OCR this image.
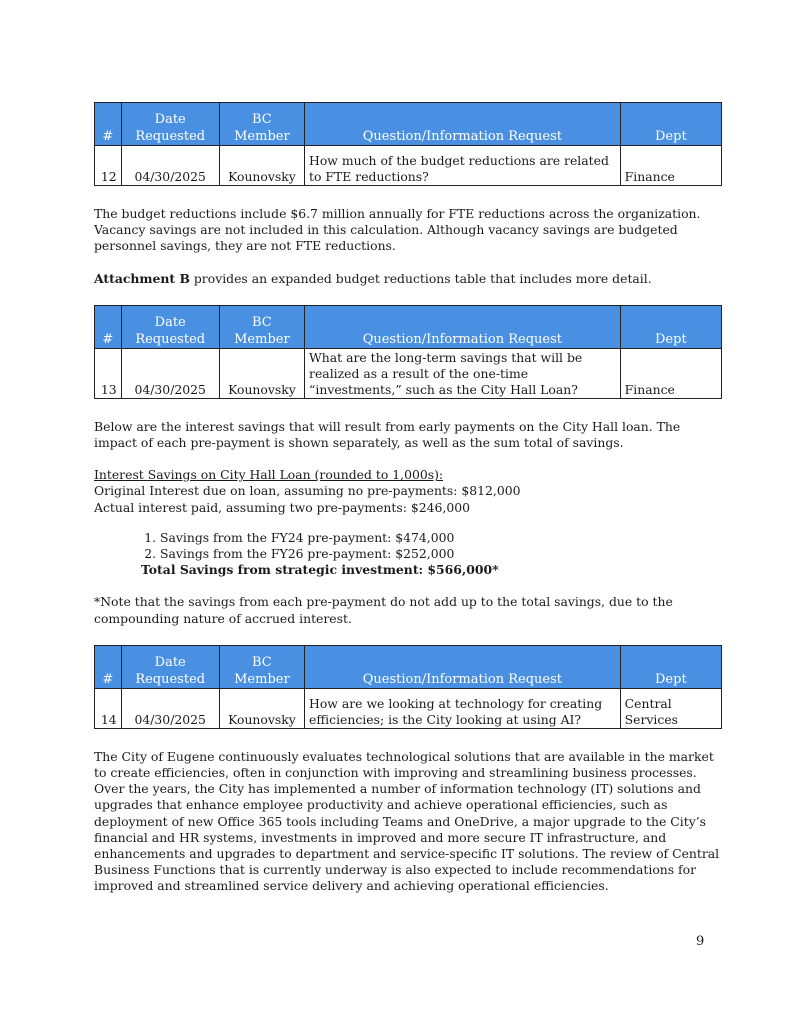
#	Date Requested	BC Member	Question/Information Request	Dept
12	04/30/2025	Kounovsky	How much of the budget reductions are related to FTE reductions?	Finance

The budget reductions include $6.7 million annually for FTE reductions across the organization. Vacancy savings are not included in this calculation. Although vacancy savings are budgeted personnel savings, they are not FTE reductions.

Attachment B provides an expanded budget reductions table that includes more detail.

#	Date Requested	BC Member	Question/Information Request	Dept
13	04/30/2025	Kounovsky	What are the long-term savings that will be realized as a result of the one-time “investments,” such as the City Hall Loan?	Finance

Below are the interest savings that will result from early payments on the City Hall loan. The impact of each pre-payment is shown separately, as well as the sum total of savings.

Interest Savings on City Hall Loan (rounded to 1,000s):

Original Interest due on loan, assuming no pre-payments: $812,000

Actual interest paid, assuming two pre-payments: $246,000

1. Savings from the FY24 pre-payment: $474,000
2. Savings from the FY26 pre-payment: $252,000

Total Savings from strategic investment: $566,000*

*Note that the savings from each pre-payment do not add up to the total savings, due to the compounding nature of accrued interest.

#	Date Requested	BC Member	Question/Information Request	Dept
14	04/30/2025	Kounovsky	How are we looking at technology for creating efficiencies; is the City looking at using AI?	Central Services

The City of Eugene continuously evaluates technological solutions that are available in the market to create efficiencies, often in conjunction with improving and streamlining business processes. Over the years, the City has implemented a number of information technology (IT) solutions and upgrades that enhance employee productivity and achieve operational efficiencies, such as deployment of new Office 365 tools including Teams and OneDrive, a major upgrade to the City’s financial and HR systems, investments in improved and more secure IT infrastructure, and enhancements and upgrades to department and service-specific IT solutions. The review of Central Business Functions that is currently underway is also expected to include recommendations for improved and streamlined service delivery and achieving operational efficiencies.

9
